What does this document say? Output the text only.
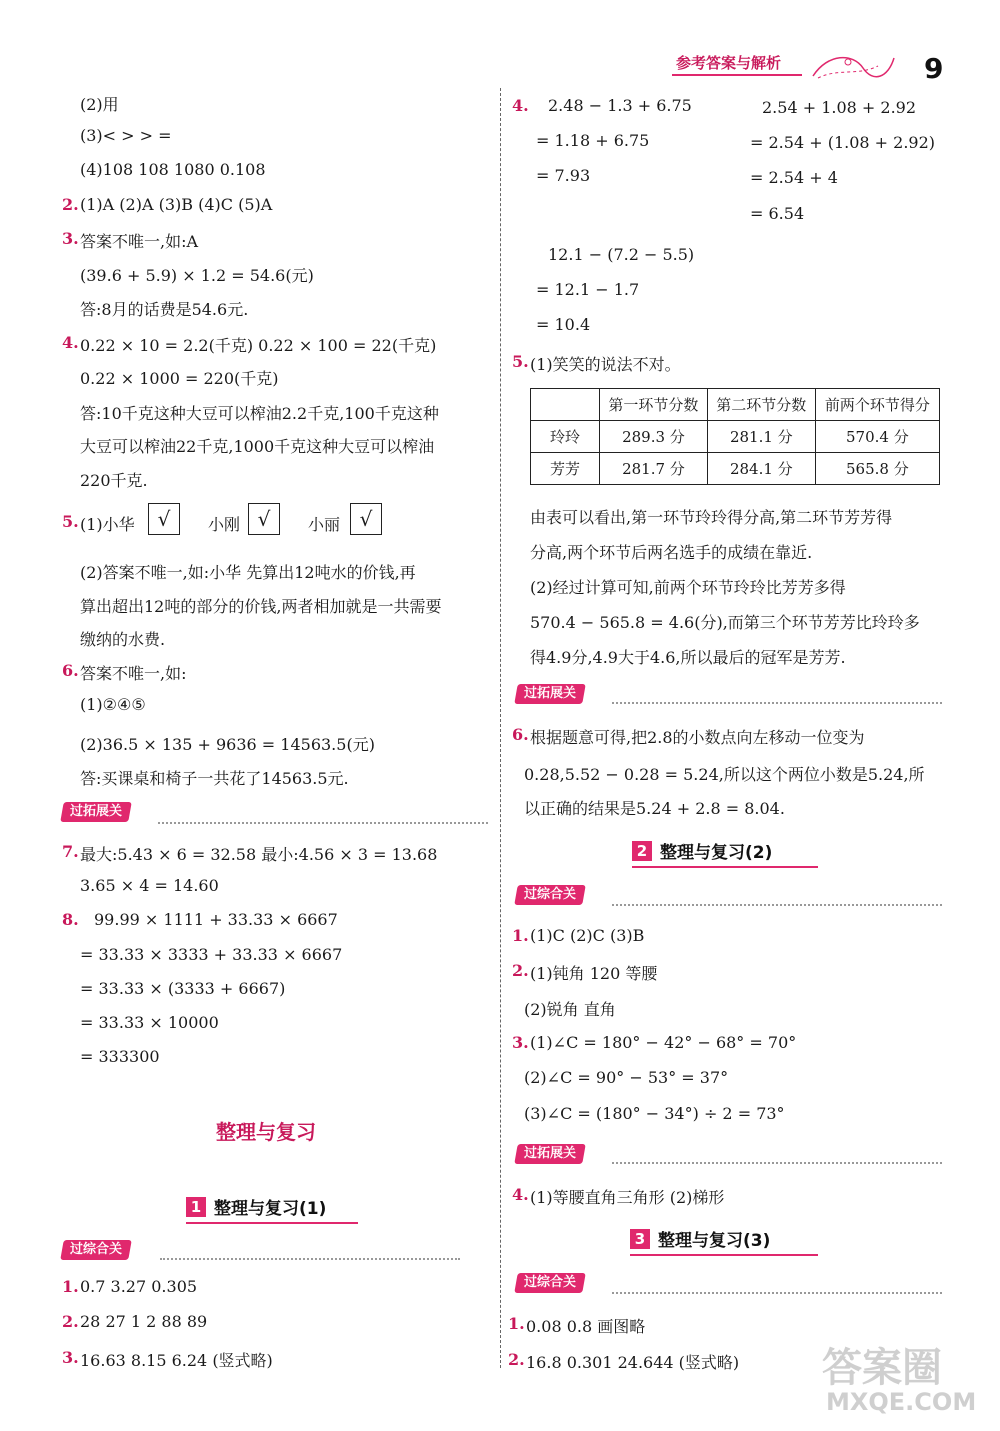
参考答案与解析	9
(2)用
(3)< > > =
(4)108 108 1080 0.108
2. (1)A (2)A (3)B (4)C (5)A
3. 答案不唯一,如:A
(39.6 + 5.9) × 1.2 = 54.6(元)
答:8月的话费是54.6元.
4. 0.22 × 10 = 2.2(千克) 0.22 × 100 = 22(千克)
0.22 × 1000 = 220(千克)
答:10千克这种大豆可以榨油2.2千克,100千克这种
大豆可以榨油22千克,1000千克这种大豆可以榨油
220千克.
5. (1)小华	√	小刚 √	小丽 √
(2)答案不唯一,如:小华 先算出12吨水的价钱,再
算出超出12吨的部分的价钱,两者相加就是一共需要
缴纳的水费.
6. 答案不唯一,如:
(1)②④⑤
(2)36.5 × 135 + 9636 = 14563.5(元)
答:买课桌和椅子一共花了14563.5元.
过拓展关
7. 最大:5.43 × 6 = 32.58 最小:4.56 × 3 = 13.68
3.65 × 4 = 14.60
8. 99.99 × 1111 + 33.33 × 6667
= 33.33 × 3333 + 33.33 × 6667
= 33.33 × (3333 + 6667)
= 33.33 × 10000
= 333300
整理与复习
1 整理与复习(1)
过综合关
1. 0.7 3.27 0.305
2. 28 27 1 2 88 89
3. 16.63 8.15 6.24 (竖式略)
4. 2.48 − 1.3 + 6.75
= 1.18 + 6.75
= 7.93
2.54 + 1.08 + 2.92
= 2.54 + (1.08 + 2.92)
= 2.54 + 4
= 6.54
12.1 − (7.2 − 5.5)
= 12.1 − 1.7
= 10.4
5. (1)笑笑的说法不对。
	第一环节分数	第二环节分数	前两个环节得分
玲玲	289.3 分	281.1 分	570.4 分
芳芳	281.7 分	284.1 分	565.8 分
由表可以看出,第一环节玲玲得分高,第二环节芳芳得
分高,两个环节后两名选手的成绩在靠近.
(2)经过计算可知,前两个环节玲玲比芳芳多得
570.4 − 565.8 = 4.6(分),而第三个环节芳芳比玲玲多
得4.9分,4.9大于4.6,所以最后的冠军是芳芳.
过拓展关
6. 根据题意可得,把2.8的小数点向左移动一位变为
0.28,5.52 − 0.28 = 5.24,所以这个两位小数是5.24,所
以正确的结果是5.24 + 2.8 = 8.04.
2 整理与复习(2)
过综合关
1. (1)C (2)C (3)B
2. (1)钝角 120 等腰
(2)锐角 直角
3. (1)∠C = 180° − 42° − 68° = 70°
(2)∠C = 90° − 53° = 37°
(3)∠C = (180° − 34°) ÷ 2 = 73°
过拓展关
4. (1)等腰直角三角形 (2)梯形
3 整理与复习(3)
过综合关
1. 0.08 0.8 画图略
2. 16.8 0.301 24.644 (竖式略) 答案圈
MXQE.COM
